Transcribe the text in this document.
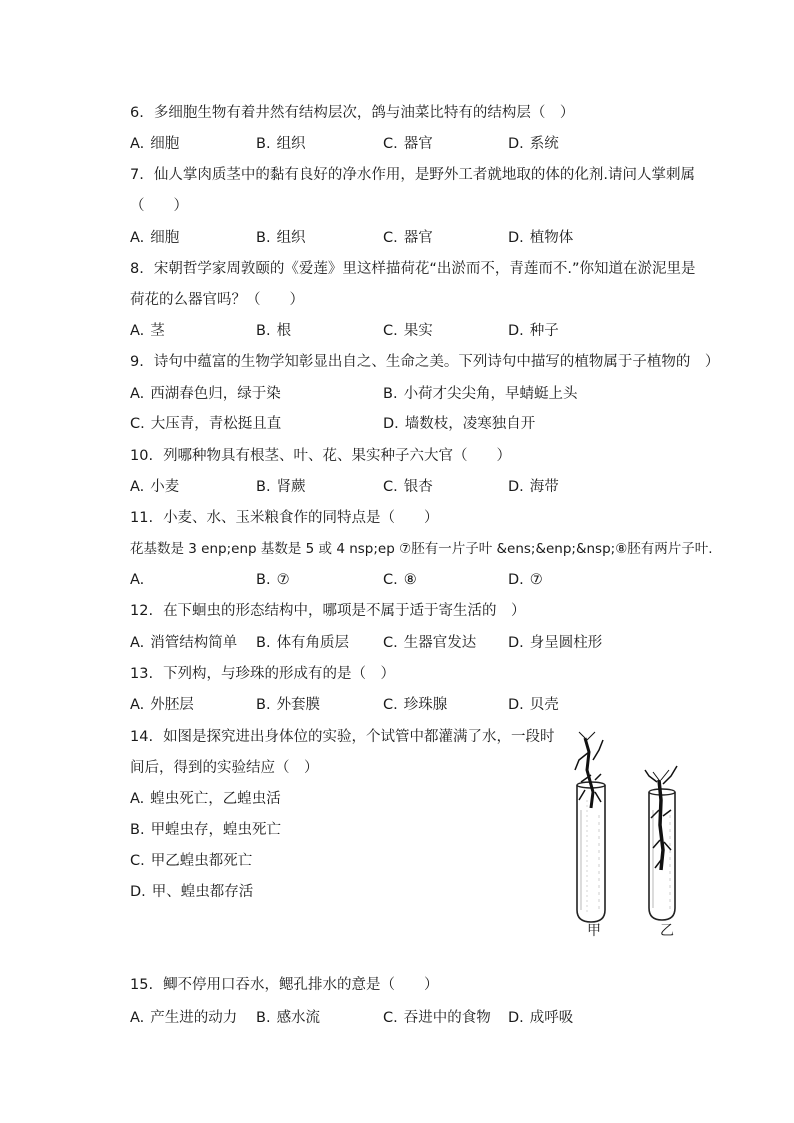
6. 多细胞生物有着井然有结构层次，鸽与油菜比特有的结构层（　）
A. 细胞	B. 组织	C. 器官	D. 系统
7. 仙人掌肉质茎中的黏有良好的净水作用，是野外工者就地取的体的化剂.请问人掌刺属
（　　）
A. 细胞	B. 组织	C. 器官	D. 植物体
8. 宋朝哲学家周敦颐的《爱莲》里这样描荷花“出淤而不，青莲而不.”你知道在淤泥里是
荷花的么器官吗？（　　）
A. 茎	B. 根	C. 果实	D. 种子
9. 诗句中蕴富的生物学知彰显出自之、生命之美。下列诗句中描写的植物属于子植物的　）
A. 西湖春色归，绿于染	B. 小荷才尖尖角，早蜻蜓上头
C. 大压青，青松挺且直	D. 墙数枝，凌寒独自开
10. 列哪种物具有根茎、叶、花、果实种子六大官（　　）
A. 小麦	B. 肾蕨	C. 银杏	D. 海带
11. 小麦、水、玉米粮食作的同特点是（　　）
花基数是 3 enp;enp 基数是 5 或 4 nsp;ep ⑦胚有一片子叶 &ens;&enp;&nsp;⑧胚有两片子叶.
A.	B. ⑦	C. ⑧	D. ⑦
12. 在下蛔虫的形态结构中，哪项是不属于适于寄生活的　）
A. 消管结构简单 B. 体有角质层 C. 生器官发达 D. 身呈圆柱形
13. 下列构，与珍珠的形成有的是（　）
A. 外胚层	B. 外套膜	C. 珍珠腺	D. 贝壳
14. 如图是探究进出身体位的实验，个试管中都灌满了水，一段时
间后，得到的实验结应（　）
A. 蝗虫死亡，乙蝗虫活
B. 甲蝗虫存，蝗虫死亡
C. 甲乙蝗虫都死亡
D. 甲、蝗虫都存活
甲	乙
15. 鲫不停用口吞水，鳃孔排水的意是（　　）
A. 产生进的动力 B. 感水流	C. 吞进中的食物 D. 成呼吸
